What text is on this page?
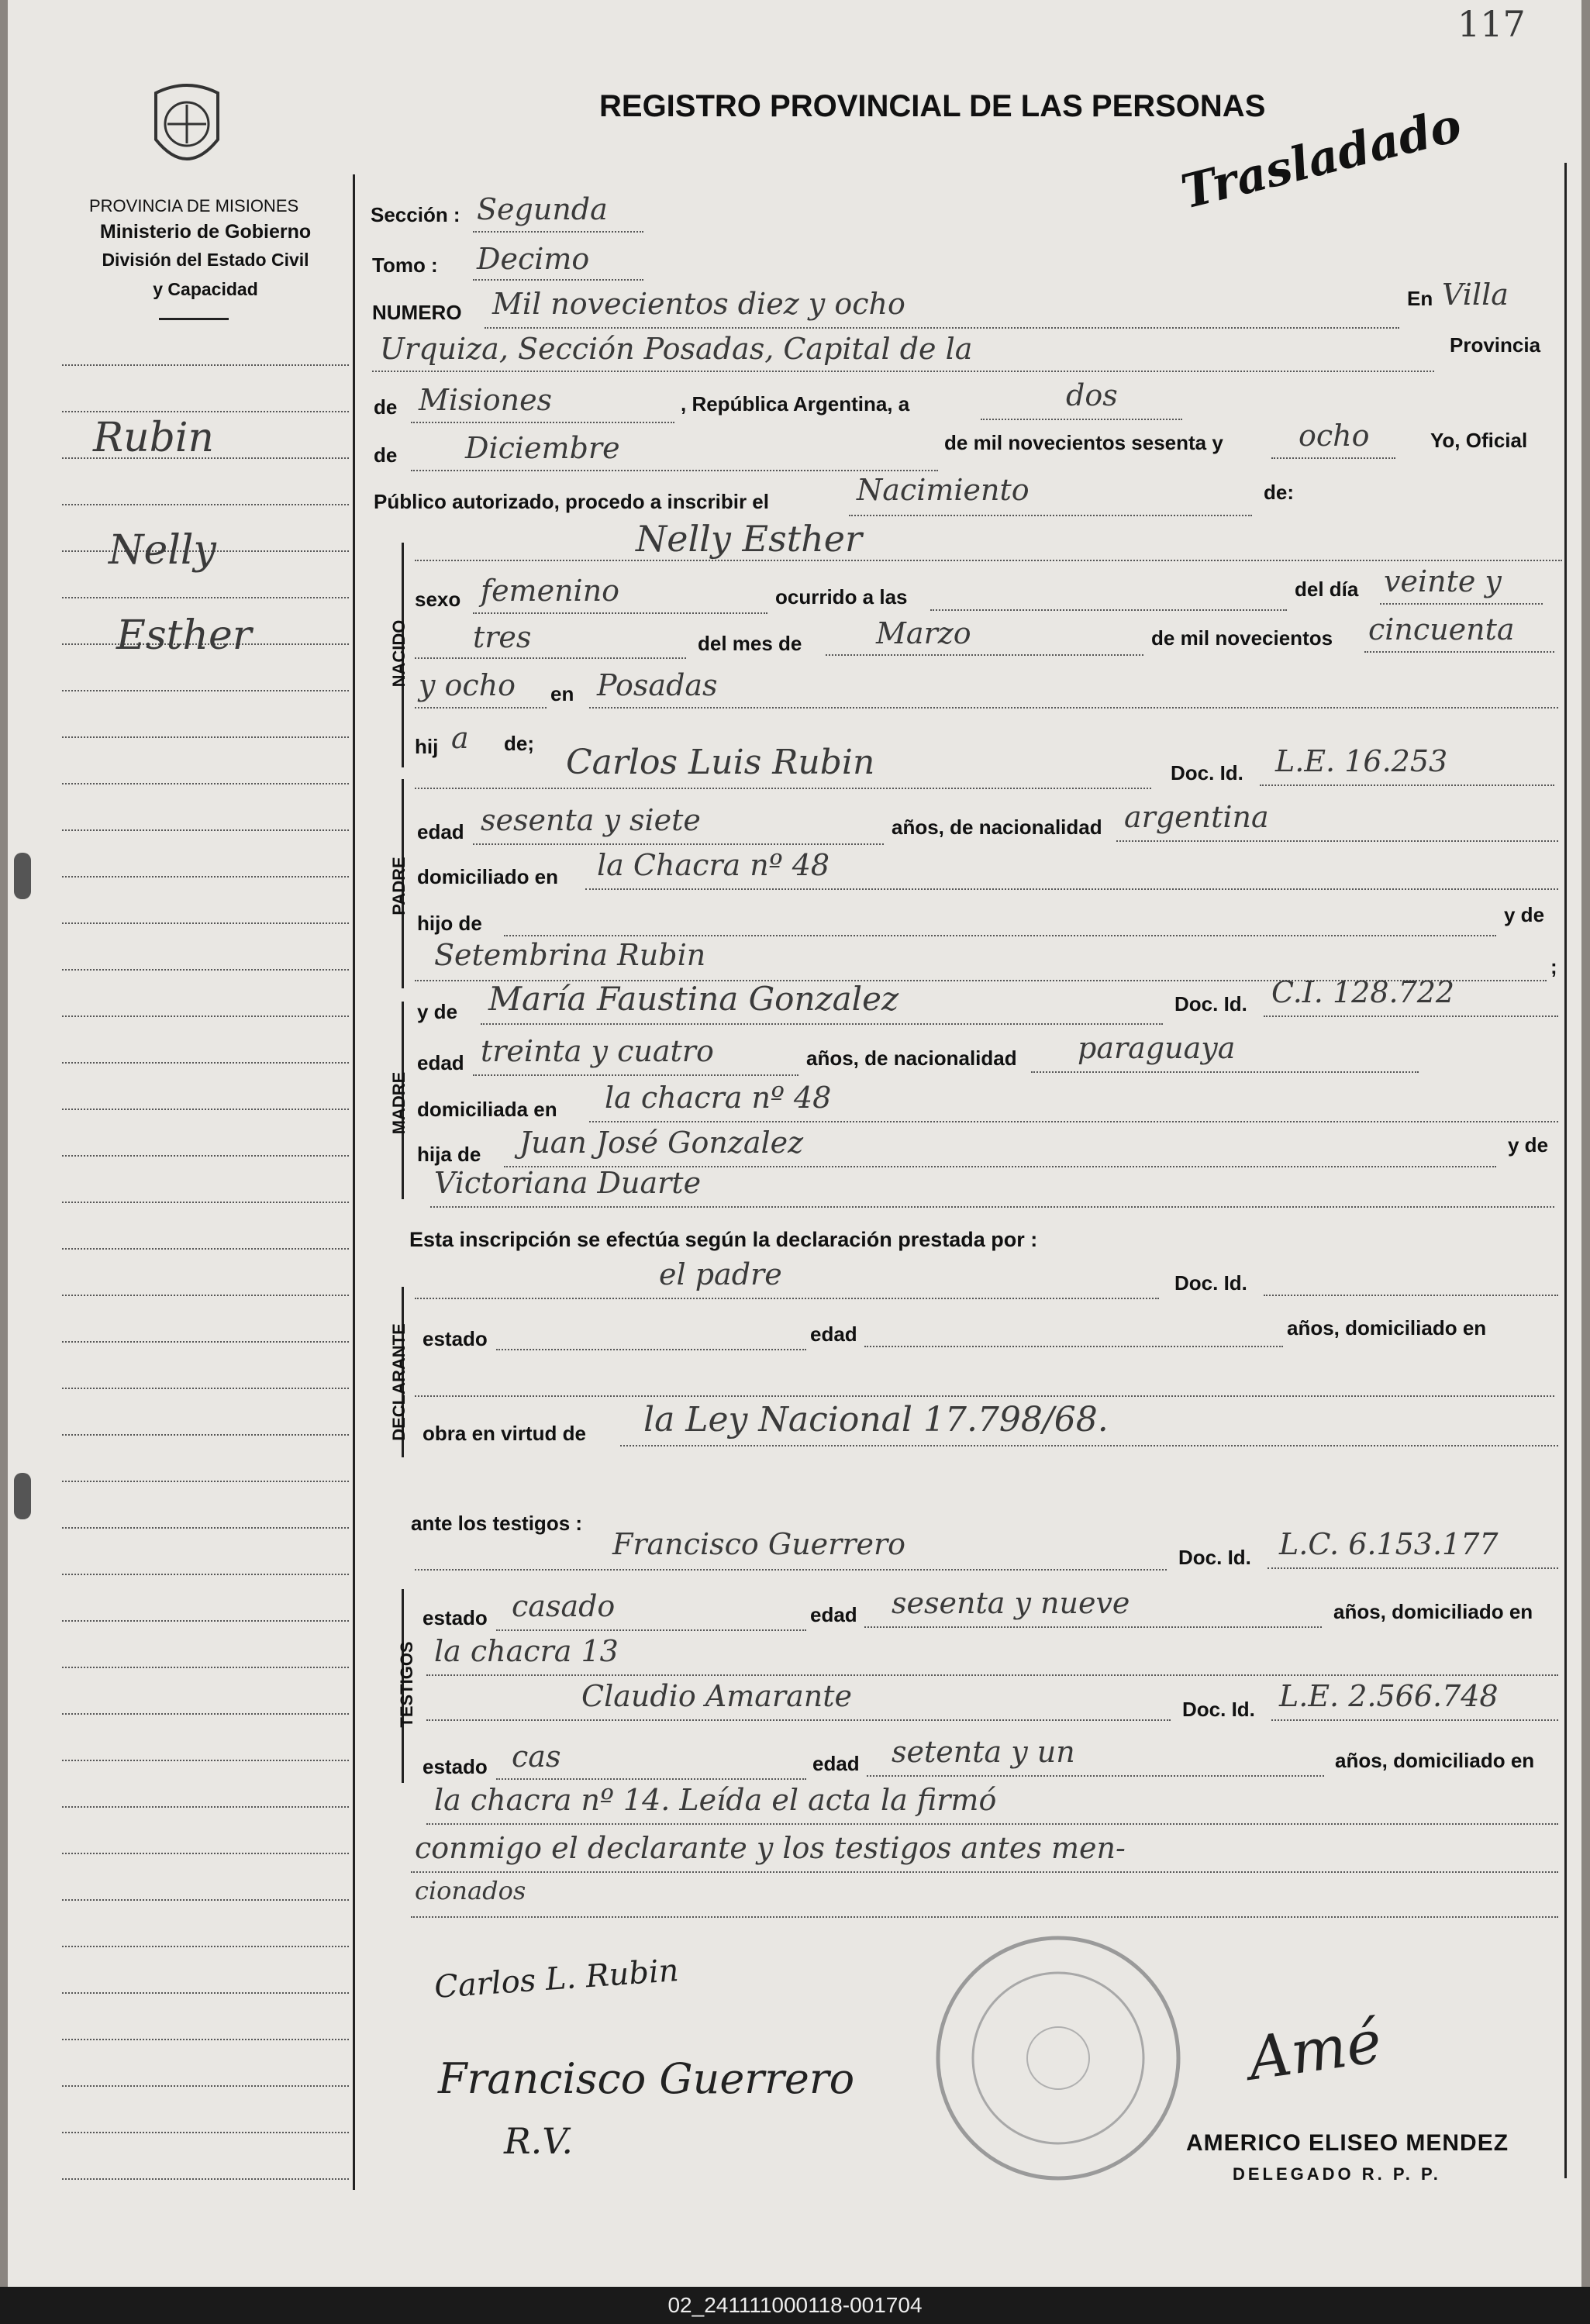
117
PROVINCIA DE MISIONES
Ministerio de Gobierno
División del Estado Civil
y Capacidad
REGISTRO PROVINCIAL DE LAS PERSONAS
Trasladado
Rubin
Nelly
Esther
Sección : Segunda
Tomo : Decimo
NUMERO Mil novecientos diez y ocho	En Villa
Urquiza, Sección Posadas, Capital de la	Provincia
de Misiones	, República Argentina, a	dos
de Diciembre	de mil novecientos sesenta y	ocho	Yo, Oficial
Público autorizado, procedo a inscribir el	Nacimiento	de:
NACIDO
Nelly Esther
sexo femenino	ocurrido a las	del día veinte y
tres	del mes de	Marzo	de mil novecientos cincuenta
y ocho en Posadas
hij a de;
PADRE
Carlos Luis Rubin	Doc. Id. L.E. 16.253
edad sesenta y siete	años, de nacionalidad argentina
domiciliado en la Chacra nº 48
hijo de	y de
Setembrina Rubin	;
MADRE
y de María Faustina Gonzalez	Doc. Id. C.I. 128.722
edad treinta y cuatro	años, de nacionalidad paraguaya
domiciliada en la chacra nº 48
hija de Juan José Gonzalez	y de
Victoriana Duarte
Esta inscripción se efectúa según la declaración prestada por :
DECLARANTE
el padre	Doc. Id.
estado	edad	años, domiciliado en
obra en virtud de la Ley Nacional 17.798/68.
ante los testigos :
TESTIGOS
Francisco Guerrero	Doc. Id. L.C. 6.153.177
estado casado	edad sesenta y nueve	años, domiciliado en
la chacra 13
Claudio Amarante	Doc. Id. L.E. 2.566.748
estado cas	edad setenta y un	años, domiciliado en
la chacra nº 14. Leída el acta la firmó
conmigo el declarante y los testigos antes men-
cionados
Carlos L. Rubin
Francisco Guerrero
R.V.
Amé
AMERICO ELISEO MENDEZ
DELEGADO R. P. P.
02_241111000118-001704
